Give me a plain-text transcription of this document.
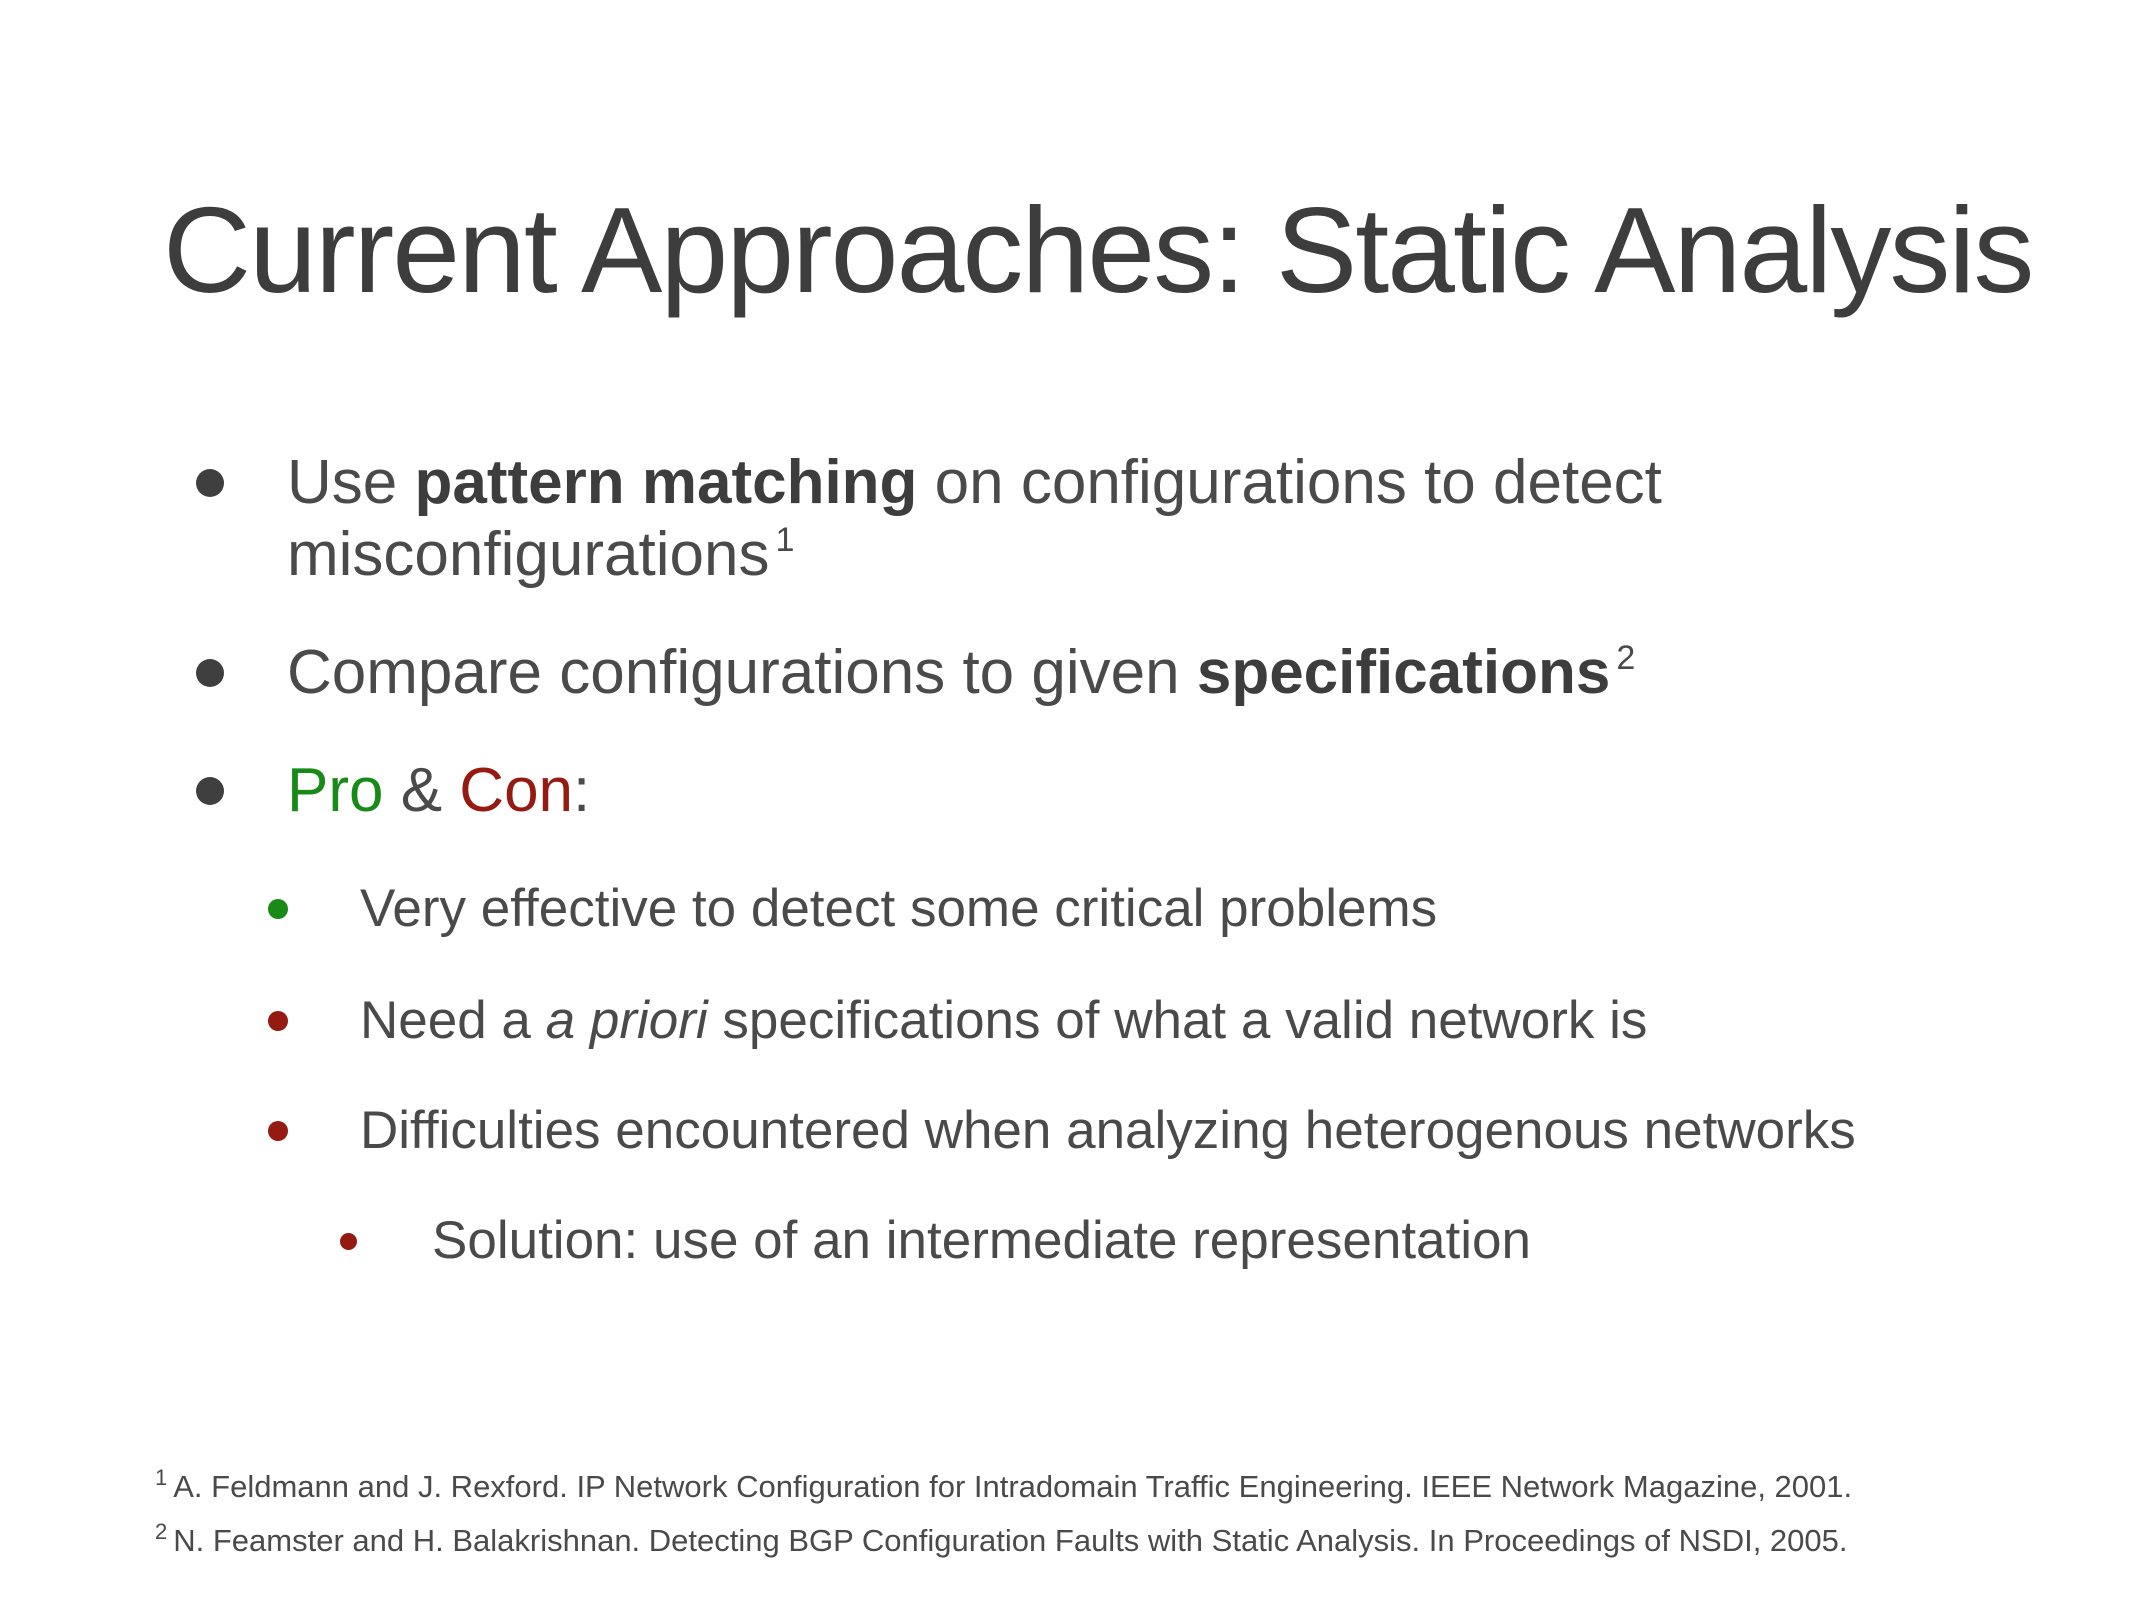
Current Approaches: Static Analysis
Use pattern matching on configurations to detect
misconfigurations $^1$
Compare configurations to given specifications $^2$
Pro & Con:
Very effective to detect some critical problems
Need a a priori specifications of what a valid network is
Difficulties encountered when analyzing heterogenous networks
Solution: use of an intermediate representation
$^1$ A. Feldmann and J. Rexford. IP Network Configuration for Intradomain Traffic Engineering. IEEE Network Magazine, 2001.
$^2$ N. Feamster and H. Balakrishnan. Detecting BGP Configuration Faults with Static Analysis. In Proceedings of NSDI, 2005.
